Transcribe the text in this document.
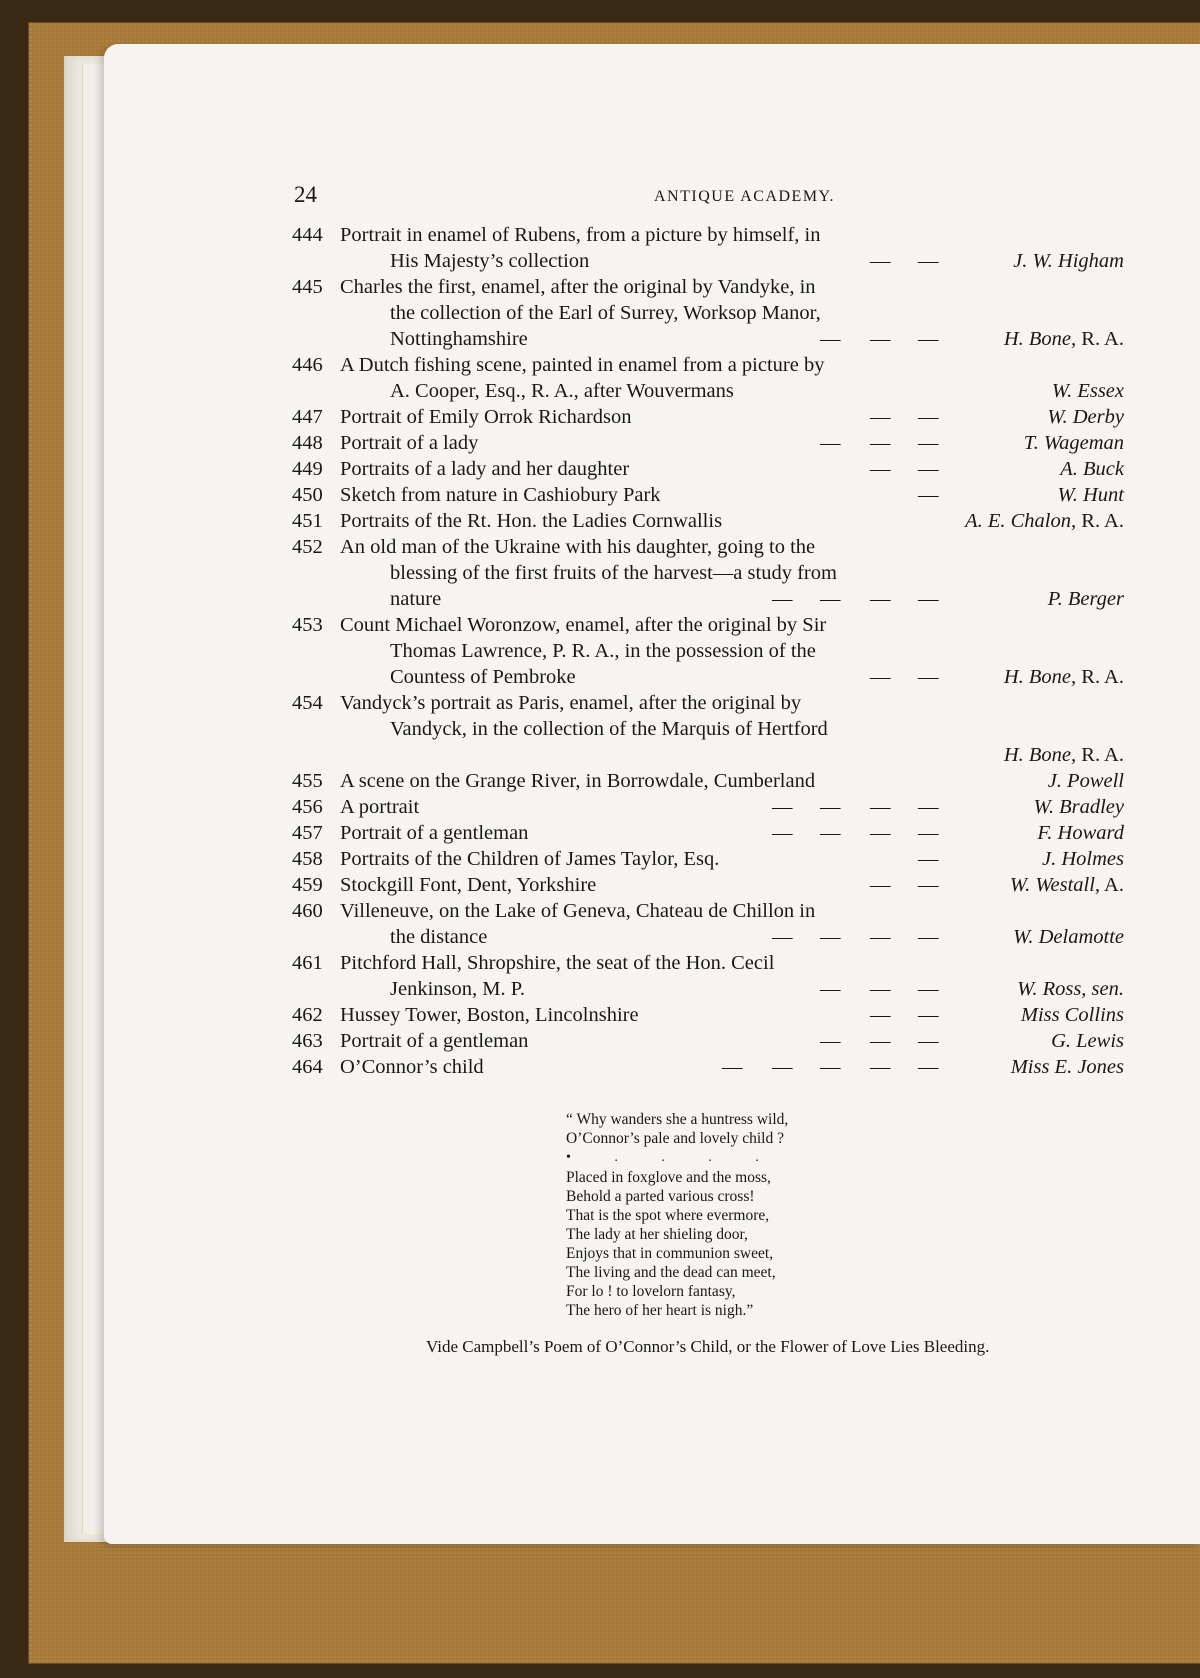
24	ANTIQUE ACADEMY.
444 Portrait in enamel of Rubens, from a picture by himself, in
His Majesty’s collection	— —	J. W. Higham
445 Charles the first, enamel, after the original by Vandyke, in
the collection of the Earl of Surrey, Worksop Manor,
Nottinghamshire	— — —	H. Bone, R. A.
446 A Dutch fishing scene, painted in enamel from a picture by
A. Cooper, Esq., R. A., after Wouvermans	W. Essex
447 Portrait of Emily Orrok Richardson	— —	W. Derby
448 Portrait of a lady	— — —	T. Wageman
449 Portraits of a lady and her daughter	— —	A. Buck
450 Sketch from nature in Cashiobury Park	—	W. Hunt
451 Portraits of the Rt. Hon. the Ladies Cornwallis	A. E. Chalon, R. A.
452 An old man of the Ukraine with his daughter, going to the
blessing of the first fruits of the harvest—a study from
nature	— — — —	P. Berger
453 Count Michael Woronzow, enamel, after the original by Sir
Thomas Lawrence, P. R. A., in the possession of the
Countess of Pembroke	— —	H. Bone, R. A.
454 Vandyck’s portrait as Paris, enamel, after the original by
Vandyck, in the collection of the Marquis of Hertford
H. Bone, R. A.
455 A scene on the Grange River, in Borrowdale, Cumberland	J. Powell
456 A portrait	— — — —	W. Bradley
457 Portrait of a gentleman	— — — —	F. Howard
458 Portraits of the Children of James Taylor, Esq.	—	J. Holmes
459 Stockgill Font, Dent, Yorkshire	— —	W. Westall, A.
460 Villeneuve, on the Lake of Geneva, Chateau de Chillon in
the distance	— — — —	W. Delamotte
461 Pitchford Hall, Shropshire, the seat of the Hon. Cecil
Jenkinson, M. P.	— — —	W. Ross, sen.
462 Hussey Tower, Boston, Lincolnshire	— —	Miss Collins
463 Portrait of a gentleman	— — —	G. Lewis
464 O’Connor’s child	— — — — —	Miss E. Jones
“ Why wanders she a huntress wild,
O’Connor’s pale and lovely child ?
• . . . .
Placed in foxglove and the moss,
Behold a parted various cross!
That is the spot where evermore,
The lady at her shieling door,
Enjoys that in communion sweet,
The living and the dead can meet,
For lo ! to lovelorn fantasy,
The hero of her heart is nigh.”
Vide Campbell’s Poem of O’Connor’s Child, or the Flower of Love Lies Bleeding.
